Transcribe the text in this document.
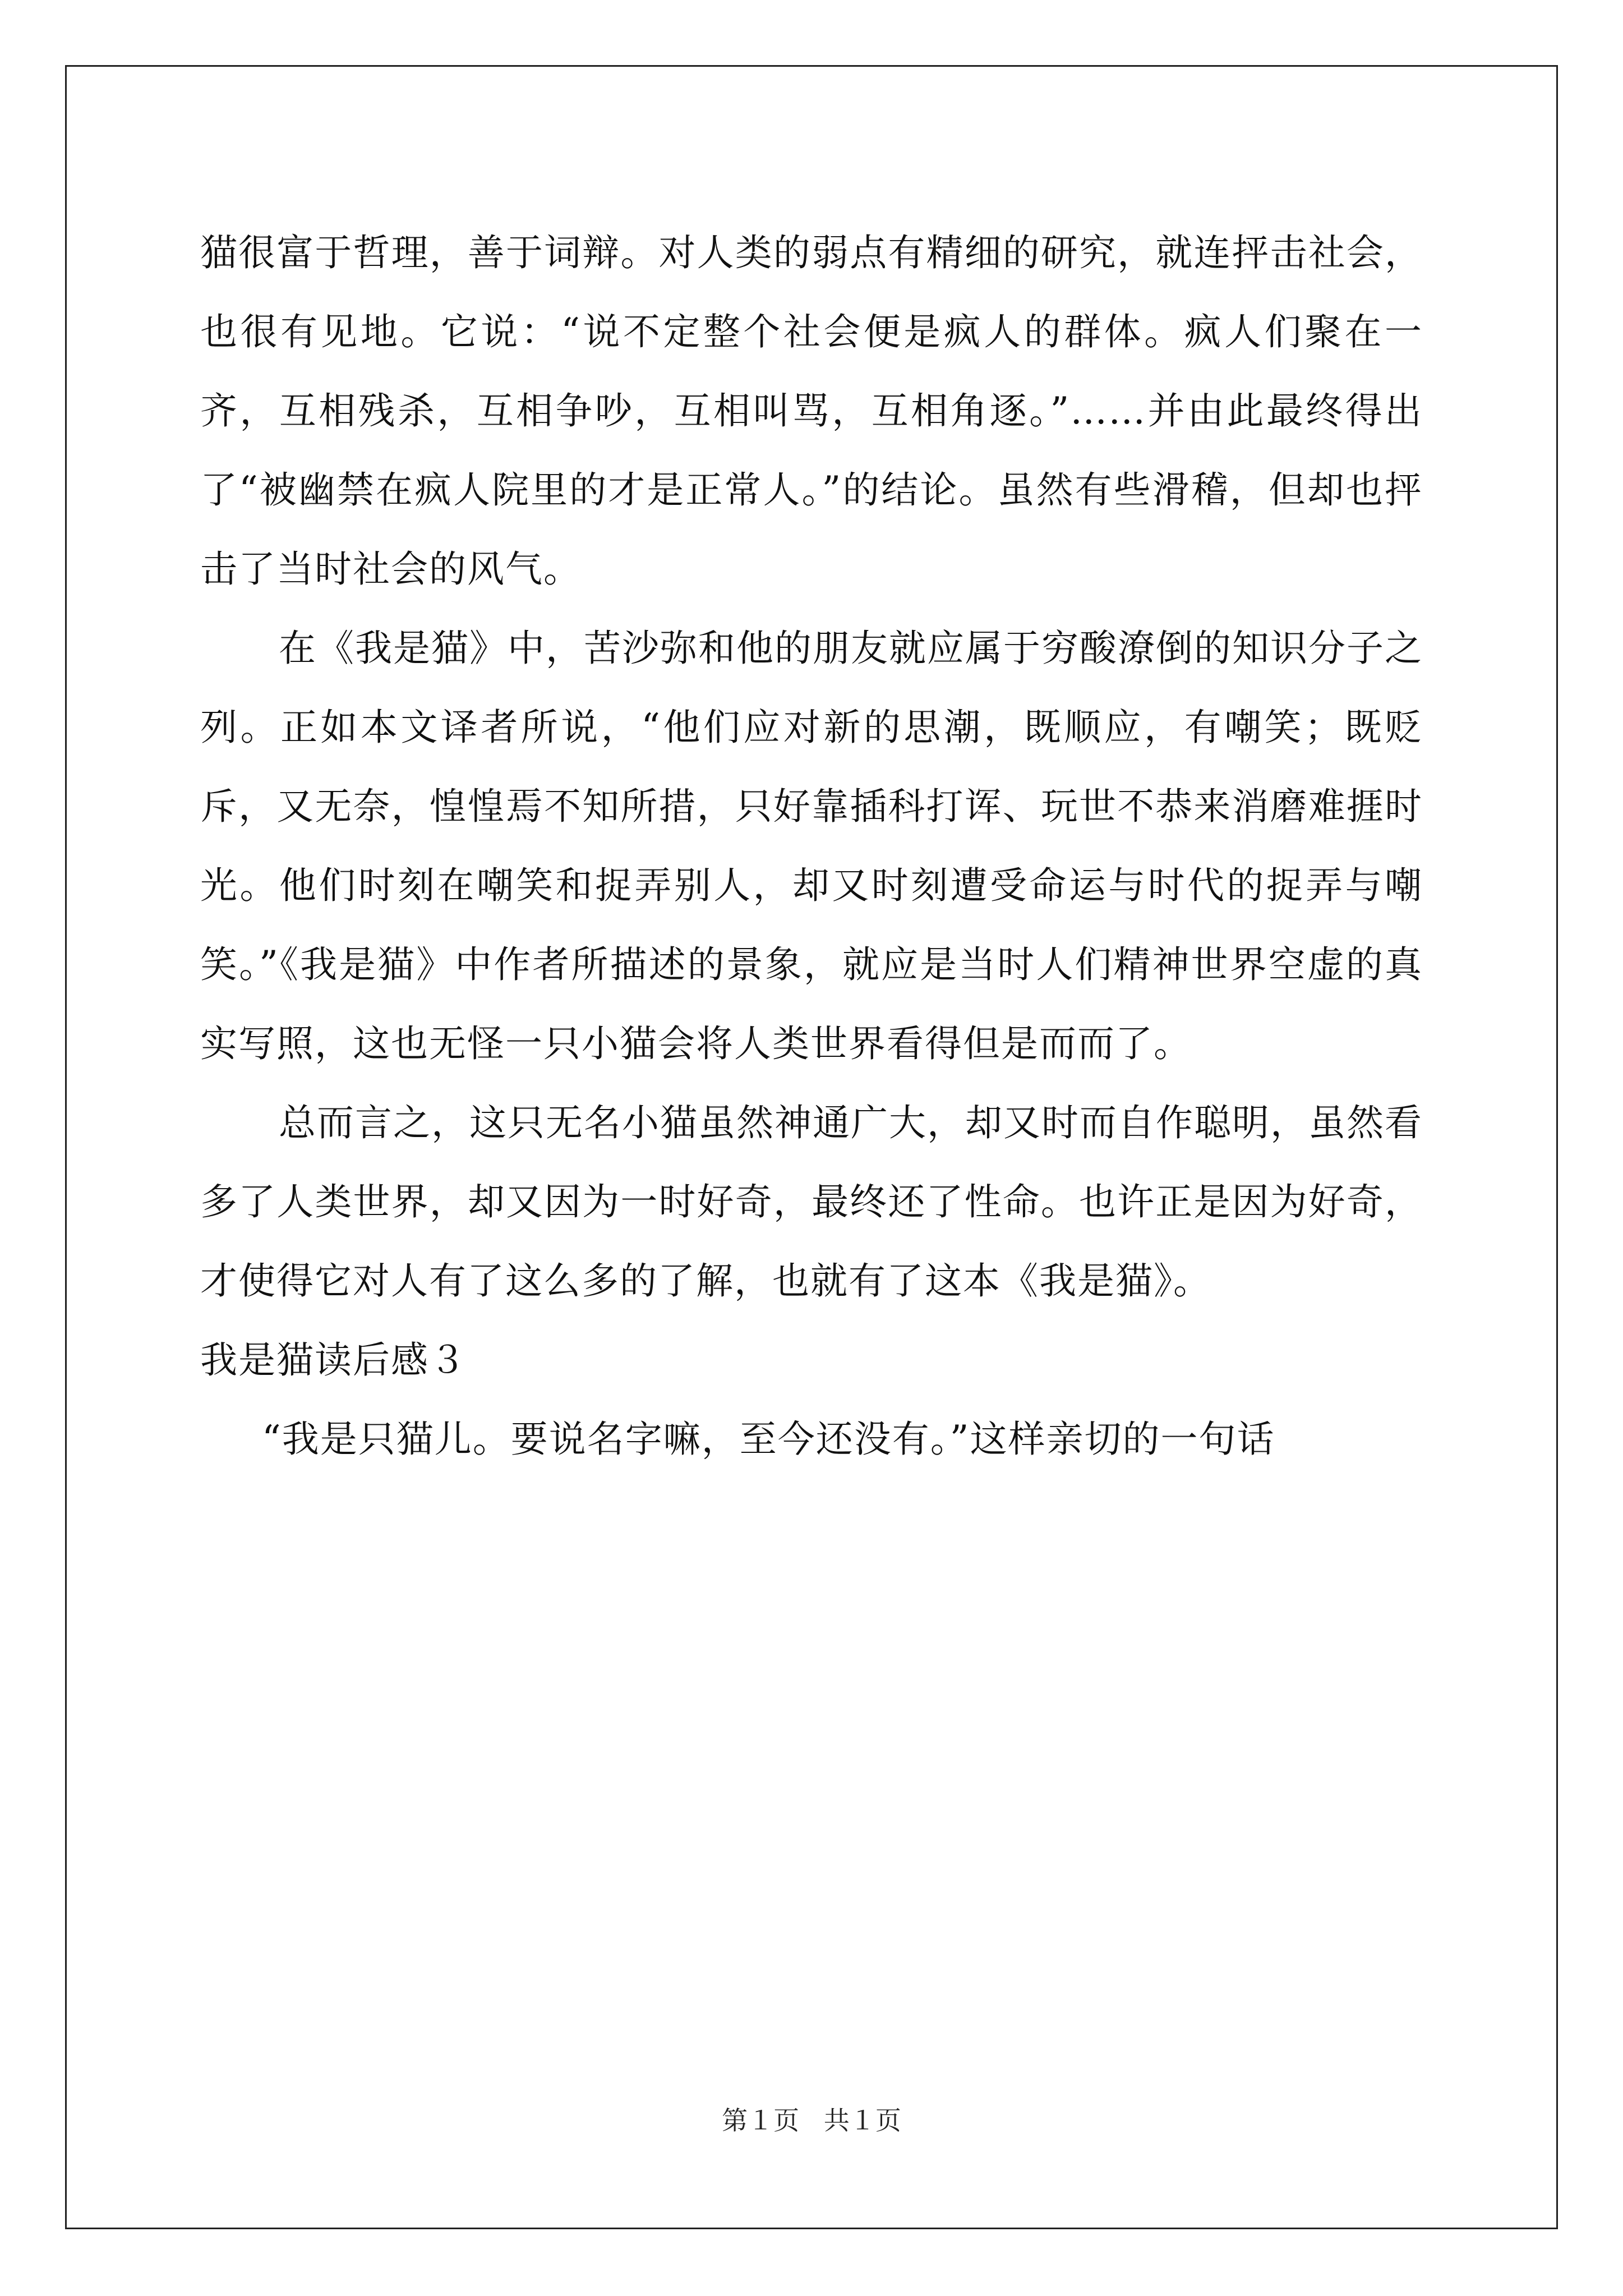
猫很富于哲理，善于词辩。对人类的弱点有精细的研究，就连抨击社会，也很有见地。它说：“说不定整个社会便是疯人的群体。疯人们聚在一齐，互相残杀，互相争吵，互相叫骂，互相角逐。”……并由此最终得出了“被幽禁在疯人院里的才是正常人。”的结论。虽然有些滑稽，但却也抨击了当时社会的风气。

在《我是猫》中，苦沙弥和他的朋友就应属于穷酸潦倒的知识分子之列。正如本文译者所说，“他们应对新的思潮，既顺应，有嘲笑；既贬斥，又无奈，惶惶焉不知所措，只好靠插科打诨、玩世不恭来消磨难捱时光。他们时刻在嘲笑和捉弄别人，却又时刻遭受命运与时代的捉弄与嘲笑。”《我是猫》中作者所描述的景象，就应是当时人们精神世界空虚的真实写照，这也无怪一只小猫会将人类世界看得但是而而了。

总而言之，这只无名小猫虽然神通广大，却又时而自作聪明，虽然看多了人类世界，却又因为一时好奇，最终还了性命。也许正是因为好奇，才使得它对人有了这么多的了解，也就有了这本《我是猫》。

我是猫读后感３

“我是只猫儿。要说名字嘛，至今还没有。”这样亲切的一句话

第１页   共１页
